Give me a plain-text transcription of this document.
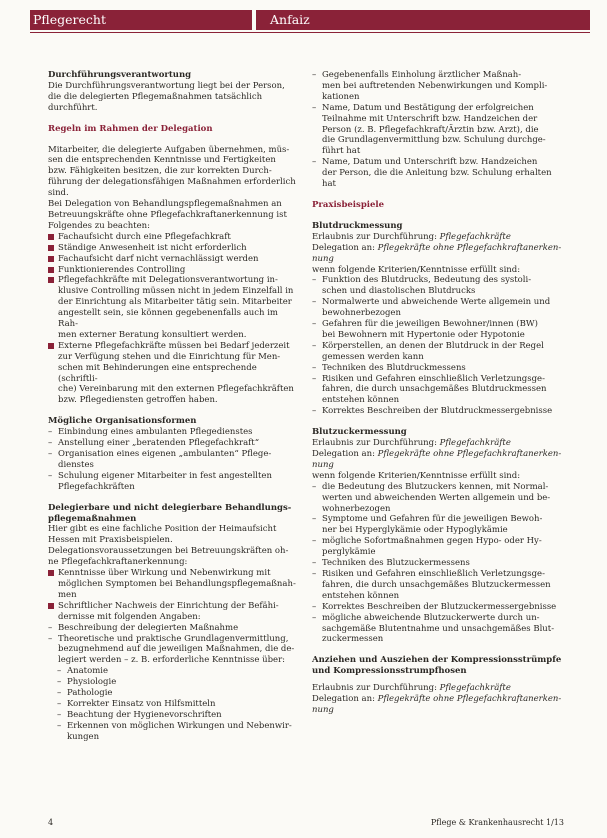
Pflegerecht	Anfaiz
Durchführungsverantwortung
Die Durchführungsverantwortung liegt bei der Person,
die die delegierten Pflegemaßnahmen tatsächlich
durchführt.
Regeln im Rahmen der Delegation
Mitarbeiter, die delegierte Aufgaben übernehmen, müs-
sen die entsprechenden Kenntnisse und Fertigkeiten
bzw. Fähigkeiten besitzen, die zur korrekten Durch-
führung der delegationsfähigen Maßnahmen erforderlich
sind.
Bei Delegation von Behandlungspflegemaßnahmen an
Betreuungskräfte ohne Pflegefachkraftanerkennung ist
Folgendes zu beachten:
Fachaufsicht durch eine Pflegefachkraft
Ständige Anwesenheit ist nicht erforderlich
Fachaufsicht darf nicht vernachlässigt werden
Funktionierendes Controlling
Pflegefachkräfte mit Delegationsverantwortung in-
klusive Controlling müssen nicht in jedem Einzelfall in
der Einrichtung als Mitarbeiter tätig sein. Mitarbeiter
angestellt sein, sie können gegebenenfalls auch im Rah-
men externer Beratung konsultiert werden.
Externe Pflegefachkräfte müssen bei Bedarf jederzeit
zur Verfügung stehen und die Einrichtung für Men-
schen mit Behinderungen eine entsprechende (schriftli-
che) Vereinbarung mit den externen Pflegefachkräften
bzw. Pflegediensten getroffen haben.
Mögliche Organisationsformen
– Einbindung eines ambulanten Pflegedienstes
– Anstellung einer „beratenden Pflegefachkraft“
– Organisation eines eigenen „ambulanten“ Pflege-
dienstes
– Schulung eigener Mitarbeiter in fest angestellten
Pflegefachkräften
Delegierbare und nicht delegierbare Behandlungs-
pflegemaßnahmen
Hier gibt es eine fachliche Position der Heimaufsicht
Hessen mit Praxisbeispielen.
Delegationsvoraussetzungen bei Betreuungskräften oh-
ne Pflegefachkraftanerkennung:
Kenntnisse über Wirkung und Nebenwirkung mit
möglichen Symptomen bei Behandlungspflegemaßnah-
men
Schriftlicher Nachweis der Einrichtung der Befähi-
dernisse mit folgenden Angaben:
– Beschreibung der delegierten Maßnahme
– Theoretische und praktische Grundlagenvermittlung,
bezugnehmend auf die jeweiligen Maßnahmen, die de-
legiert werden – z. B. erforderliche Kenntnisse über:
– Anatomie
– Physiologie
– Pathologie
– Korrekter Einsatz von Hilfsmitteln
– Beachtung der Hygienevorschriften
– Erkennen von möglichen Wirkungen und Nebenwir-
kungen
– Gegebenenfalls Einholung ärztlicher Maßnah-
men bei auftretenden Nebenwirkungen und Kompli-
kationen
– Name, Datum und Bestätigung der erfolgreichen
Teilnahme mit Unterschrift bzw. Handzeichen der
Person (z. B. Pflegefachkraft/Ärztin bzw. Arzt), die
die Grundlagenvermittlung bzw. Schulung durchge-
führt hat
– Name, Datum und Unterschrift bzw. Handzeichen
der Person, die die Anleitung bzw. Schulung erhalten
hat
Praxisbeispiele
Blutdruckmessung
Erlaubnis zur Durchführung: Pflegefachkräfte
Delegation an: Pflegekräfte ohne Pflegefachkraftanerken-
nung
wenn folgende Kriterien/Kenntnisse erfüllt sind:
– Funktion des Blutdrucks, Bedeutung des systoli-
schen und diastolischen Blutdrucks
– Normalwerte und abweichende Werte allgemein und
bewohnerbezogen
– Gefahren für die jeweiligen Bewohner/innen (BW)
bei Bewohnern mit Hypertonie oder Hypotonie
– Körperstellen, an denen der Blutdruck in der Regel
gemessen werden kann
– Techniken des Blutdruckmessens
– Risiken und Gefahren einschließlich Verletzungsge-
fahren, die durch unsachgemäßes Blutdruckmessen
entstehen können
– Korrektes Beschreiben der Blutdruckmessergebnisse
Blutzuckermessung
Erlaubnis zur Durchführung: Pflegefachkräfte
Delegation an: Pflegekräfte ohne Pflegefachkraftanerken-
nung
wenn folgende Kriterien/Kenntnisse erfüllt sind:
– die Bedeutung des Blutzuckers kennen, mit Normal-
werten und abweichenden Werten allgemein und be-
wohnerbezogen
– Symptome und Gefahren für die jeweiligen Bewoh-
ner bei Hyperglykämie oder Hypoglykämie
– mögliche Sofortmaßnahmen gegen Hypo- oder Hy-
perglykämie
– Techniken des Blutzuckermessens
– Risiken und Gefahren einschließlich Verletzungsge-
fahren, die durch unsachgemäßes Blutzuckermessen
entstehen können
– Korrektes Beschreiben der Blutzuckermessergebnisse
– mögliche abweichende Blutzuckerwerte durch un-
sachgemäße Blutentnahme und unsachgemäßes Blut-
zuckermessen
Anziehen und Ausziehen der Kompressionsstrümpfe
und Kompressionsstrumpfhosen
Erlaubnis zur Durchführung: Pflegefachkräfte
Delegation an: Pflegekräfte ohne Pflegefachkraftanerken-
nung
4	Pflege & Krankenhausrecht 1/13
